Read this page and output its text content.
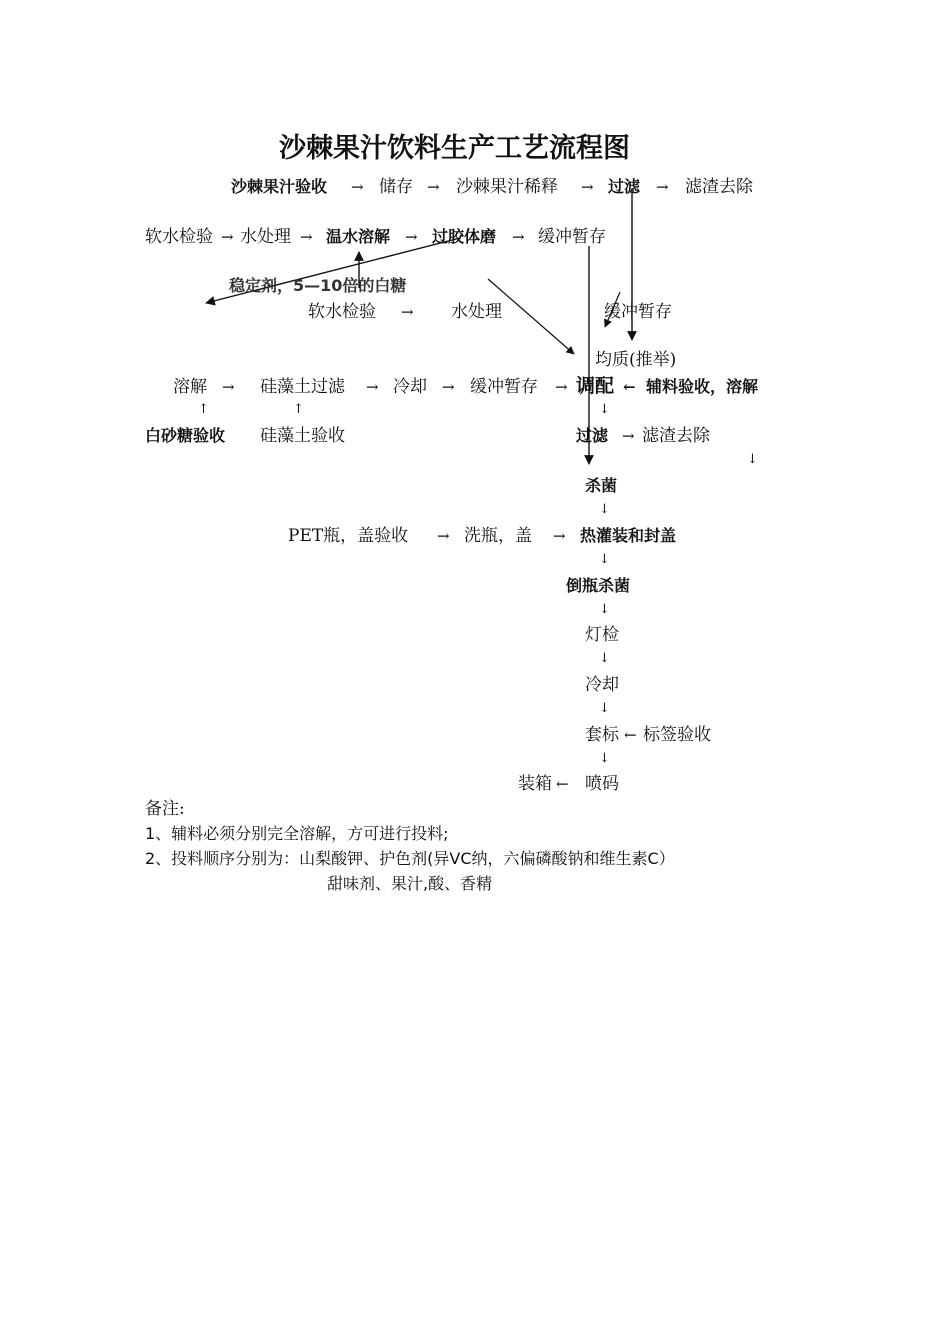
沙棘果汁饮料生产工艺流程图
沙棘果汁验收 → 储存 → 沙棘果汁稀释 → 过滤 → 滤渣去除
软水检验 → 水处理 → 温水溶解 → 过胶体磨 → 缓冲暂存
稳定剂，5—10倍的白糖
软水检验 → 水处理	缓冲暂存
均质(推举)
溶解 → 硅藻土过滤 → 冷却 → 缓冲暂存 → 调配 ← 辅料验收，溶解
↑	↑	↓
白砂糖验收 硅藻土验收	过滤 → 滤渣去除
↓
杀菌
↓
PET瓶，盖验收 → 洗瓶，盖 → 热灌装和封盖
↓
倒瓶杀菌
↓
灯检
↓
冷却
↓
套标 ← 标签验收
↓
装箱 ← 喷码
备注:
1、辅料必须分别完全溶解，方可进行投料;
2、投料顺序分别为：山梨酸钾、护色剂(异VC纳，六偏磷酸钠和维生素C）
甜味剂、果汁,酸、香精
